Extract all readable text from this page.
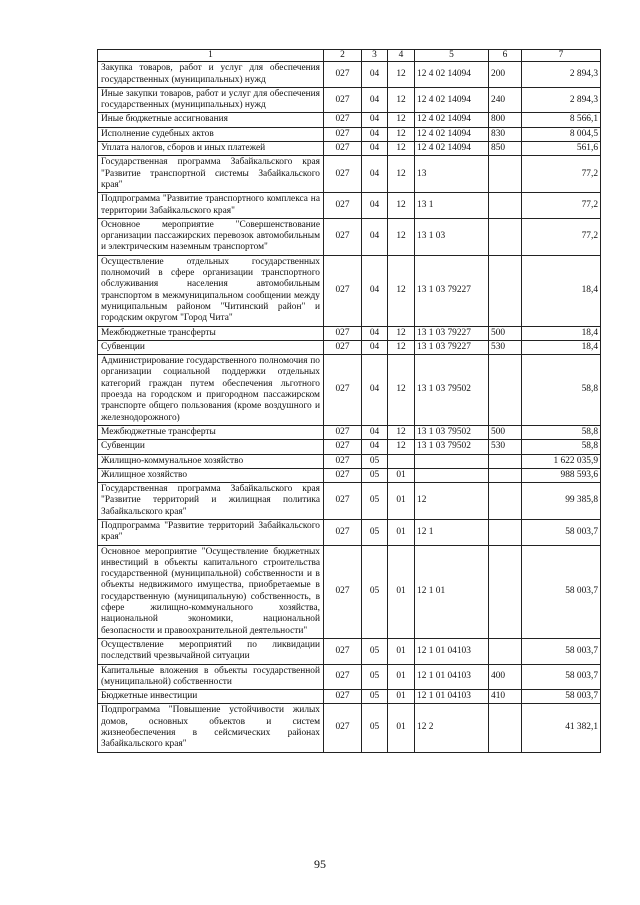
1	2	3	4	5	6	7
Закупка товаров, работ и услуг для обеспечения государственных (муниципальных) нужд	027	04	12	12 4 02 14094	200	2 894,3
Иные закупки товаров, работ и услуг для обеспечения государственных (муниципальных) нужд	027	04	12	12 4 02 14094	240	2 894,3
Иные бюджетные ассигнования	027	04	12	12 4 02 14094	800	8 566,1
Исполнение судебных актов	027	04	12	12 4 02 14094	830	8 004,5
Уплата налогов, сборов и иных платежей	027	04	12	12 4 02 14094	850	561,6
Государственная программа Забайкальского края "Развитие транспортной системы Забайкальского края"	027	04	12	13		77,2
Подпрограмма "Развитие транспортного комплекса на территории Забайкальского края"	027	04	12	13 1		77,2
Основное мероприятие "Совершенствование организации пассажирских перевозок автомобильным и электрическим наземным транспортом"	027	04	12	13 1 03		77,2
Осуществление отдельных государственных полномочий в сфере организации транспортного обслуживания населения автомобильным транспортом в межмуниципальном сообщении между муниципальным районом "Читинский район" и городским округом "Город Чита"	027	04	12	13 1 03 79227		18,4
Межбюджетные трансферты	027	04	12	13 1 03 79227	500	18,4
Субвенции	027	04	12	13 1 03 79227	530	18,4
Администрирование государственного полномочия по организации социальной поддержки отдельных категорий граждан путем обеспечения льготного проезда на городском и пригородном пассажирском транспорте общего пользования (кроме воздушного и железнодорожного)	027	04	12	13 1 03 79502		58,8
Межбюджетные трансферты	027	04	12	13 1 03 79502	500	58,8
Субвенции	027	04	12	13 1 03 79502	530	58,8
Жилищно-коммунальное хозяйство	027	05				1 622 035,9
Жилищное хозяйство	027	05	01			988 593,6
Государственная программа Забайкальского края "Развитие территорий и жилищная политика Забайкальского края"	027	05	01	12		99 385,8
Подпрограмма "Развитие территорий Забайкальского края"	027	05	01	12 1		58 003,7
Основное мероприятие "Осуществление бюджетных инвестиций в объекты капитального строительства государственной (муниципальной) собственности и в объекты недвижимого имущества, приобретаемые в государственную (муниципальную) собственность, в сфере жилищно-коммунального хозяйства, национальной экономики, национальной безопасности и правоохранительной деятельности"	027	05	01	12 1 01		58 003,7
Осуществление мероприятий по ликвидации последствий чрезвычайной ситуации	027	05	01	12 1 01 04103		58 003,7
Капитальные вложения в объекты государственной (муниципальной) собственности	027	05	01	12 1 01 04103	400	58 003,7
Бюджетные инвестиции	027	05	01	12 1 01 04103	410	58 003,7
Подпрограмма "Повышение устойчивости жилых домов, основных объектов и систем жизнеобеспечения в сейсмических районах Забайкальского края"	027	05	01	12 2		41 382,1
95
